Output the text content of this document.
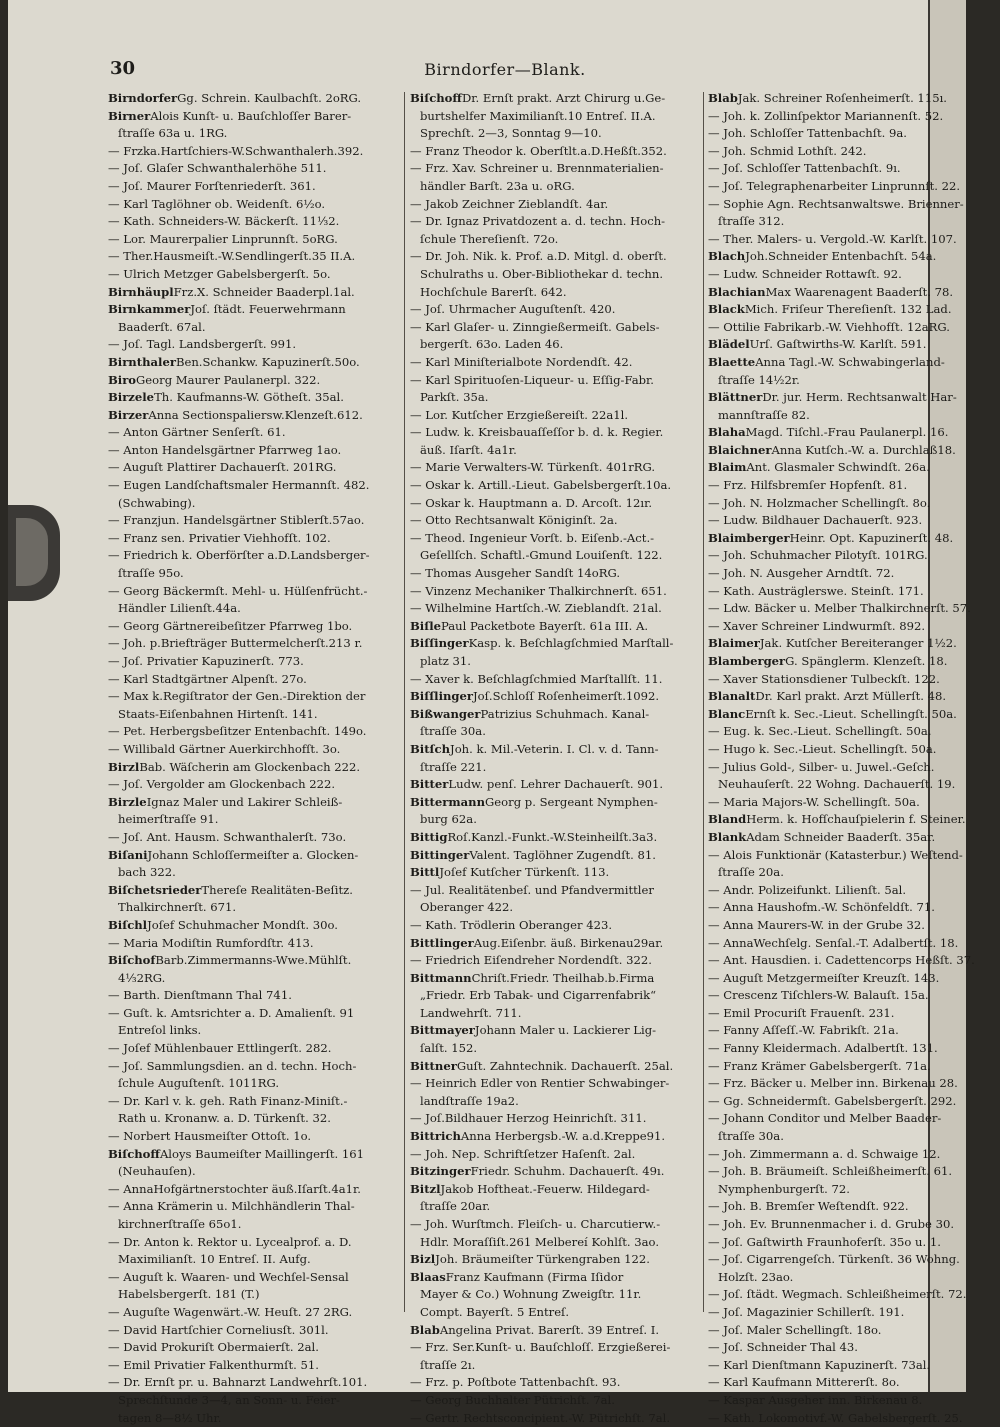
30	Birndorfer—Blank.
BirndorferGg. Schrein. Kaulbachſt. 2oRG.
BirnerAlois Kunſt- u. Bauſchloſſer Barer-
ſtraſſe 63a u. 1RG.
— Frzka.Hartſchiers-W.Schwanthalerh.392.
— Joſ. Glaſer Schwanthalerhöhe 511.
— Joſ. Maurer Forſtenriederſt. 361.
— Karl Taglöhner ob. Weidenſt. 6½o.
— Kath. Schneiders-W. Bäckerſt. 11⅓2.
— Lor. Maurerpalier Linprunnſt. 5oRG.
— Ther.Hausmeiſt.-W.Sendlingerſt.35 II.A.
— Ulrich Metzger Gabelsbergerſt. 5o.
BirnhäuplFrz.X. Schneider Baaderpl.1al.
BirnkammerJoſ. ſtädt. Feuerwehrmann
Baaderſt. 67al.
— Joſ. Tagl. Landsbergerſt. 991.
BirnthalerBen.Schankw. Kapuzinerſt.50o.
BiroGeorg Maurer Paulanerpl. 322.
BirzeleTh. Kaufmanns-W. Götheſt. 35al.
BirzerAnna Sectionspaliersw.Klenzeſt.612.
— Anton Gärtner Senſerſt. 61.
— Anton Handelsgärtner Pfarrweg 1ao.
— Auguſt Plattirer Dachauerſt. 201RG.
— Eugen Landſchaftsmaler Hermannſt. 482.
(Schwabing).
— Franzjun. Handelsgärtner Stiblerſt.57ao.
— Franz sen. Privatier Viehhofſt. 102.
— Friedrich k. Oberförſter a.D.Landsberger-
ſtraſſe 95o.
— Georg Bäckermſt. Mehl- u. Hülſenfrücht.-
Händler Lilienſt.44a.
— Georg Gärtnereibeſitzer Pfarrweg 1bo.
— Joh. p.Briefträger Buttermelcherſt.213 r.
— Joſ. Privatier Kapuzinerſt. 773.
— Karl Stadtgärtner Alpenſt. 27o.
— Max k.Regiſtrator der Gen.-Direktion der
Staats-Eiſenbahnen Hirtenſt. 141.
— Pet. Herbergsbeſitzer Entenbachſt. 149o.
— Willibald Gärtner Auerkirchhofſt. 3o.
BirzlBab. Wäſcherin am Glockenbach 222.
— Joſ. Vergolder am Glockenbach 222.
BirzleIgnaz Maler und Lakirer Schleiß-
heimerſtraſſe 91.
— Joſ. Ant. Hausm. Schwanthalerſt. 73o.
BiſaniJohann Schloſſermeiſter a. Glocken-
bach 322.
BiſchetsriederThereſe Realitäten-Beſitz.
Thalkirchnerſt. 671.
BiſchlJoſef Schuhmacher Mondſt. 30o.
— Maria Modiſtin Rumfordſtr. 413.
BiſchofBarb.Zimmermanns-Wwe.Mühlſt.
4⅓2RG.
— Barth. Dienſtmann Thal 741.
— Guſt. k. Amtsrichter a. D. Amalienſt. 91
Entreſol links.
— Joſef Mühlenbauer Ettlingerſt. 282.
— Joſ. Sammlungsdien. an d. techn. Hoch-
ſchule Auguſtenſt. 1011RG.
— Dr. Karl v. k. geh. Rath Finanz-Miniſt.-
Rath u. Kronanw. a. D. Türkenſt. 32.
— Norbert Hausmeiſter Ottoſt. 1o.
BiſchoffAloys Baumeiſter Maillingerſt. 161
(Neuhauſen).
— AnnaHofgärtnerstochter äuß.Iſarſt.4a1r.
— Anna Krämerin u. Milchhändlerin Thal-
kirchnerſtraſſe 65o1.
— Dr. Anton k. Rektor u. Lycealprof. a. D.
Maximilianſt. 10 Entreſ. II. Aufg.
— Auguſt k. Waaren- und Wechſel-Sensal
Habelsbergerſt. 181 (T.)
— Auguſte Wagenwärt.-W. Heuſt. 27 2RG.
— David Hartſchier Corneliusſt. 301l.
— David Prokuriſt Obermaierſt. 2al.
— Emil Privatier Falkenthurmſt. 51.
— Dr. Ernſt pr. u. Bahnarzt Landwehrſt.101.
Sprechſtunde 3—4, an Sonn- u. Feier-
tagen 8—8½ Uhr.
BiſchoffDr. Ernſt prakt. Arzt Chirurg u.Ge-
burtshelfer Maximilianſt.10 Entreſ. II.A.
Sprechſt. 2—3, Sonntag 9—10.
— Franz Theodor k. Oberſtlt.a.D.Heßſt.352.
— Frz. Xav. Schreiner u. Brennmaterialien-
händler Barſt. 23a u. oRG.
— Jakob Zeichner Zieblandſt. 4ar.
— Dr. Ignaz Privatdozent a. d. techn. Hoch-
ſchule Thereſienſt. 72o.
— Dr. Joh. Nik. k. Prof. a.D. Mitgl. d. oberſt.
Schulraths u. Ober-Bibliothekar d. techn.
Hochſchule Barerſt. 642.
— Joſ. Uhrmacher Auguſtenſt. 420.
— Karl Glaſer- u. Zinngießermeiſt. Gabels-
bergerſt. 63o. Laden 46.
— Karl Miniſterialbote Nordendſt. 42.
— Karl Spirituoſen-Liqueur- u. Eſſig-Fabr.
Parkſt. 35a.
— Lor. Kutſcher Erzgießereiſt. 22a1l.
— Ludw. k. Kreisbauaſſeſſor b. d. k. Regier.
äuß. Iſarſt. 4a1r.
— Marie Verwalters-W. Türkenſt. 401rRG.
— Oskar k. Artill.-Lieut. Gabelsbergerſt.10a.
— Oskar k. Hauptmann a. D. Arcoſt. 12ır.
— Otto Rechtsanwalt Königinſt. 2a.
— Theod. Ingenieur Vorſt. b. Eiſenb.-Act.-
Geſellſch. Schaftl.-Gmund Louiſenſt. 122.
— Thomas Ausgeher Sandſt 14oRG.
— Vinzenz Mechaniker Thalkirchnerſt. 651.
— Wilhelmine Hartſch.-W. Zieblandſt. 21al.
BiſlePaul Packetbote Bayerſt. 61a III. A.
BiſſingerKasp. k. Beſchlagſchmied Marſtall-
platz 31.
— Xaver k. Beſchlagſchmied Marſtallſt. 11.
BiſſlingerJoſ.Schloſſ Roſenheimerſt.1092.
BißwangerPatrizius Schuhmach. Kanal-
ſtraſſe 30a.
BitſchJoh. k. Mil.-Veterin. I. Cl. v. d. Tann-
ſtraſſe 221.
BitterLudw. penſ. Lehrer Dachauerſt. 901.
BittermannGeorg p. Sergeant Nymphen-
burg 62a.
BittigRoſ.Kanzl.-Funkt.-W.Steinheilſt.3a3.
BittingerValent. Taglöhner Zugendſt. 81.
BittlJoſef Kutſcher Türkenſt. 113.
— Jul. Realitätenbeſ. und Pfandvermittler
Oberanger 422.
— Kath. Trödlerin Oberanger 423.
BittlingerAug.Eiſenbr. äuß. Birkenau29ar.
— Friedrich Eiſendreher Nordendſt. 322.
BittmannChriſt.Friedr. Theilhab.b.Firma
„Friedr. Erb Tabak- und Cigarrenfabrik“
Landwehrſt. 711.
BittmayerJohann Maler u. Lackierer Lig-
ſalſt. 152.
BittnerGuſt. Zahntechnik. Dachauerſt. 25al.
— Heinrich Edler von Rentier Schwabinger-
landſtraſſe 19a2.
— Joſ.Bildhauer Herzog Heinrichſt. 311.
BittrichAnna Herbergsb.-W. a.d.Kreppe91.
— Joh. Nep. Schriftſetzer Haſenſt. 2al.
BitzingerFriedr. Schuhm. Dachauerſt. 49ı.
BitzlJakob Hoftheat.-Feuerw. Hildegard-
ſtraſſe 20ar.
— Joh. Wurſtmch. Fleiſch- u. Charcutierw.-
Hdlr. Moraſſiſt.261 Melbereí Kohlſt. 3ao.
BizlJoh. Bräumeiſter Türkengraben 122.
BlaasFranz Kaufmann (Firma Iſidor
Mayer & Co.) Wohnung Zweigſtr. 11r.
Compt. Bayerſt. 5 Entreſ.
BlabAngelina Privat. Barerſt. 39 Entreſ. I.
— Frz. Ser.Kunſt- u. Bauſchloſſ. Erzgießerei-
ſtraſſe 2ı.
— Frz. p. Poſtbote Tattenbachſt. 93.
— Georg Buchhalter Pütrichſt. 7al.
— Gertr. Rechtsconcipient.-W. Pütrichſt. 7al.
BlabJak. Schreiner Roſenheimerſt. 115ı.
— Joh. k. Zollinſpektor Mariannenſt. 52.
— Joh. Schloſſer Tattenbachſt. 9a.
— Joh. Schmid Lothſt. 242.
— Joſ. Schloſſer Tattenbachſt. 9ı.
— Joſ. Telegraphenarbeiter Linprunnſt. 22.
— Sophie Agn. Rechtsanwaltswe. Brienner-
ſtraſſe 312.
— Ther. Malers- u. Vergold.-W. Karlſt. 107.
BlachJoh.Schneider Entenbachſt. 54a.
— Ludw. Schneider Rottawſt. 92.
BlachianMax Waarenagent Baaderſt. 78.
BlackMich. Friſeur Thereſienſt. 132 Lad.
— Ottilie Fabrikarb.-W. Viehhofſt. 12aRG.
BlädelUrſ. Gaſtwirths-W. Karlſt. 591.
BlaetteAnna Tagl.-W. Schwabingerland-
ſtraſſe 14½2r.
BlättnerDr. jur. Herm. Rechtsanwalt Har-
mannſtraſſe 82.
BlahaMagd. Tiſchl.-Frau Paulanerpl. 16.
BlaichnerAnna Kutſch.-W. a. Durchlaß18.
BlaimAnt. Glasmaler Schwindſt. 26a.
— Frz. Hilfsbremſer Hopfenſt. 81.
— Joh. N. Holzmacher Schellingſt. 8o.
— Ludw. Bildhauer Dachauerſt. 923.
BlaimbergerHeinr. Opt. Kapuzinerſt. 48.
— Joh. Schuhmacher Pilotyſt. 101RG.
— Joh. N. Ausgeher Arndtſt. 72.
— Kath. Austräglerswe. Steinſt. 171.
— Ldw. Bäcker u. Melber Thalkirchnerſt. 57.
— Xaver Schreiner Lindwurmſt. 892.
BlaimerJak. Kutſcher Bereiteranger 1½2.
BlambergerG. Spänglerm. Klenzeſt. 18.
— Xaver Stationsdiener Tulbeckſt. 122.
BlanaltDr. Karl prakt. Arzt Müllerſt. 48.
BlancErnſt k. Sec.-Lieut. Schellingſt. 50a.
— Eug. k. Sec.-Lieut. Schellingſt. 50a.
— Hugo k. Sec.-Lieut. Schellingſt. 50a.
— Julius Gold-, Silber- u. Juwel.-Geſch.
Neuhauſerſt. 22 Wohng. Dachauerſt. 19.
— Maria Majors-W. Schellingſt. 50a.
BlandHerm. k. Hofſchauſpielerin f. Steiner.
BlankAdam Schneider Baaderſt. 35ar.
— Alois Funktionär (Katasterbur.) Weſtend-
ſtraſſe 20a.
— Andr. Polizeifunkt. Lilienſt. 5al.
— Anna Haushofm.-W. Schönfeldſt. 71.
— Anna Maurers-W. in der Grube 32.
— AnnaWechſelg. Senſal.-T. Adalbertſt. 18.
— Ant. Hausdien. i. Cadettencorps Heßſt. 37.
— Auguſt Metzgermeiſter Kreuzſt. 143.
— Crescenz Tiſchlers-W. Balauſt. 15a.
— Emil Procuriſt Frauenſt. 231.
— Fanny Aſſeſſ.-W. Fabrikſt. 21a.
— Fanny Kleidermach. Adalbertſt. 131.
— Franz Krämer Gabelsbergerſt. 71a.
— Frz. Bäcker u. Melber inn. Birkenau 28.
— Gg. Schneidermſt. Gabelsbergerſt. 292.
— Johann Conditor und Melber Baader-
ſtraſſe 30a.
— Joh. Zimmermann a. d. Schwaige 12.
— Joh. B. Bräumeiſt. Schleißheimerſt. 61.
Nymphenburgerſt. 72.
— Joh. B. Bremſer Weſtendſt. 922.
— Joh. Ev. Brunnenmacher i. d. Grube 30.
— Joſ. Gaſtwirth Fraunhoferſt. 35o u. 1.
— Joſ. Cigarrengeſch. Türkenſt. 36 Wohng.
Holzſt. 23ao.
— Joſ. ſtädt. Wegmach. Schleißheimerſt. 72.
— Joſ. Magazinier Schillerſt. 191.
— Joſ. Maler Schellingſt. 18o.
— Joſ. Schneider Thal 43.
— Karl Dienſtmann Kapuzinerſt. 73al.
— Karl Kaufmann Mittererſt. 8o.
— Kaspar Ausgeher inn. Birkenau 8.
— Kath. Lokomotivf.-W. Gabelsbergerſt. 25.
